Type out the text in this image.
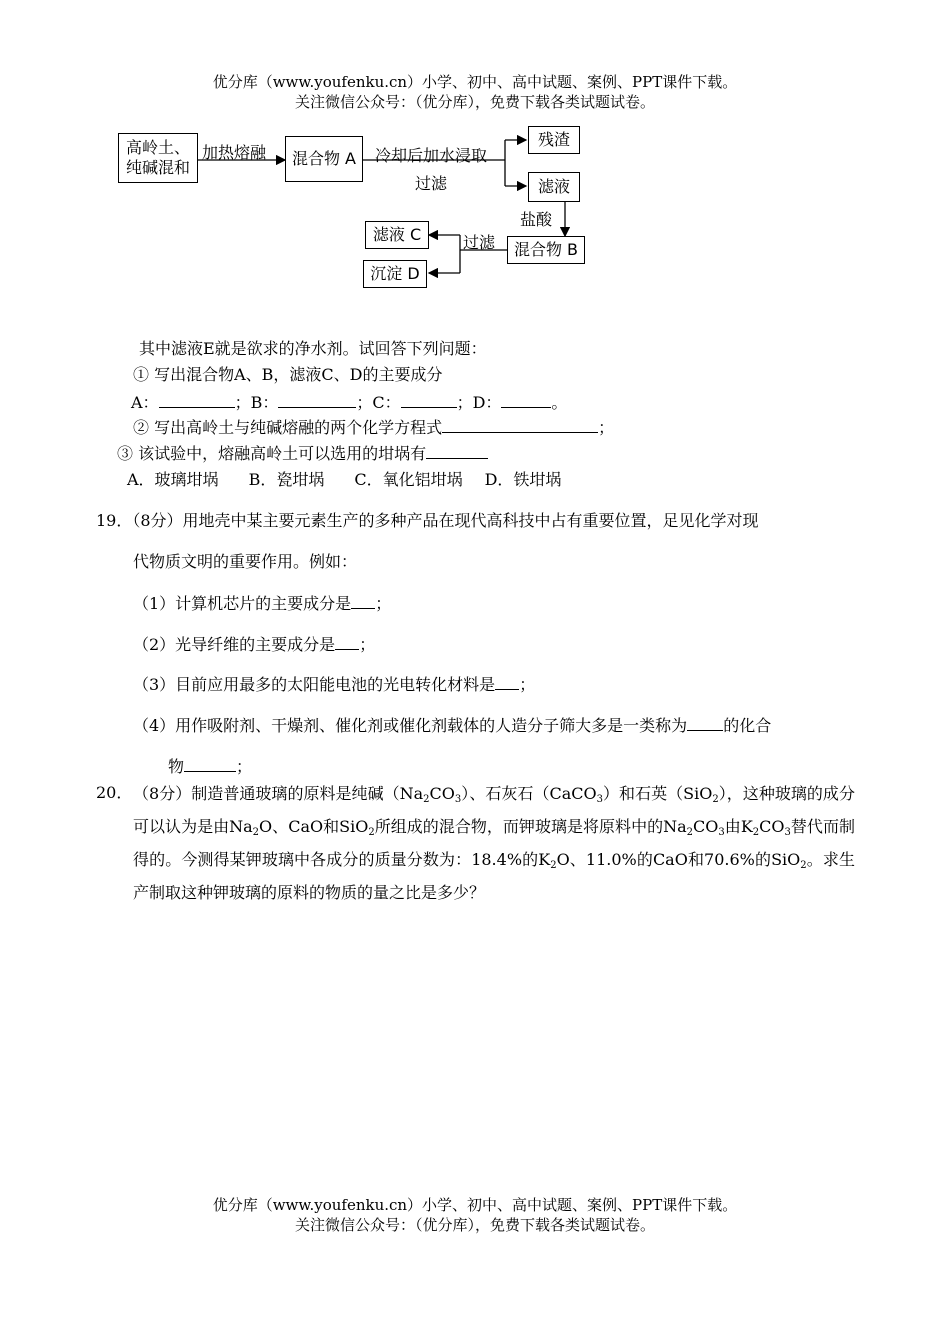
优分库（www.youfenku.cn）小学、初中、高中试题、案例、PPT课件下载。
关注微信公众号：（优分库），免费下载各类试题试卷。
高岭土、纯碱混和
加热熔融	混合物 A	冷却后加水浸取
过滤
残渣
滤液
盐酸
混合物 B
过滤
滤液 C
沉淀 D
其中滤液E就是欲求的净水剂。试回答下列问题：
① 写出混合物A、B，滤液C、D的主要成分
A：	；B：	；C：	；D：	。
② 写出高岭土与纯碱熔融的两个化学方程式	；
③ 该试验中，熔融高岭土可以选用的坩埚有
A．玻璃坩埚 B．瓷坩埚 C．氧化铝坩埚 D．铁坩埚
19．（8分）用地壳中某主要元素生产的多种产品在现代高科技中占有重要位置，足见化学对现
代物质文明的重要作用。例如：
（1）计算机芯片的主要成分是 ；
（2）光导纤维的主要成分是 ；
（3）目前应用最多的太阳能电池的光电转化材料是 ；
（4）用作吸附剂、干燥剂、催化剂或催化剂载体的人造分子筛大多是一类称为 的化合
物	；
20． （8分）制造普通玻璃的原料是纯碱$(Na_2CO_3)$、石灰石（CaCO$_3$）和石英（SiO$_2$），这种玻璃的成分可以认为是由$Na_2O$、CaO和SiO$_2$所组成的混合物，而钾玻璃是将原料中的$Na_2CO_3$由$K_2CO_3$替代而制得的。今测得某钾玻璃中各成分的质量分数为：18.4%的$K_2O$、11.0%的CaO和70.6%的SiO$_2$。求生产制取这种钾玻璃的原料的物质的量之比是多少？
优分库（www.youfenku.cn）小学、初中、高中试题、案例、PPT课件下载。
关注微信公众号：（优分库），免费下载各类试题试卷。
